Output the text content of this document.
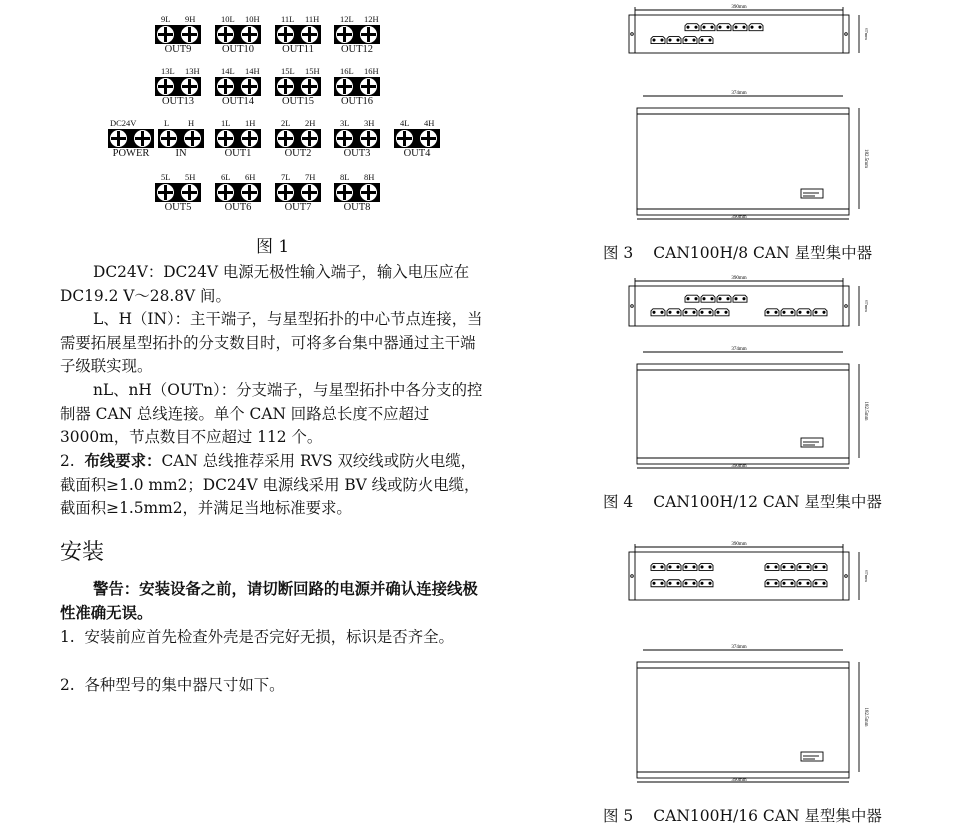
9L 9H
OUT9
10L 10H
OUT10
11L 11H
OUT11
12L 12H
OUT12
13L 13H
OUT13
14L 14H
OUT14
15L 15H
OUT15
16L 16H
OUT16
DC24V
POWER
L H
IN
1L 1H
OUT1
2L 2H
OUT2
3L 3H
OUT3
4L 4H
OUT4
5L 5H
OUT5
6L 6H
OUT6
7L 7H
OUT7
8L 8H
OUT8
图 1
DC24V：DC24V 电源无极性输入端子，输入电压应在 DC19.2 V～28.8V 间。
L、H（IN）：主干端子，与星型拓扑的中心节点连接，当需要拓展星型拓扑的分支数目时，可将多台集中器通过主干端子级联实现。
nL、nH（OUTn）：分支端子，与星型拓扑中各分支的控制器 CAN 总线连接。单个 CAN 回路总长度不应超过 3000m，节点数目不应超过 112 个。
2. 布线要求：CAN 总线推荐采用 RVS 双绞线或防火电缆，截面积≥1.0 mm2；DC24V 电源线采用 BV 线或防火电缆，截面积≥1.5mm2，并满足当地标准要求。
安装
警告：安装设备之前，请切断回路的电源并确认连接线极性准确无误。
1. 安装前应首先检查外壳是否完好无损，标识是否齐全。
2. 各种型号的集中器尺寸如下。
390mm
67mm
374mm
390mm
182.5mm
图 3 CAN100H/8 CAN 星型集中器
390mm
67mm
374mm
390mm
182.5mm
图 4 CAN100H/12 CAN 星型集中器
390mm
67mm
374mm
390mm
182.5mm
图 5 CAN100H/16 CAN 星型集中器
